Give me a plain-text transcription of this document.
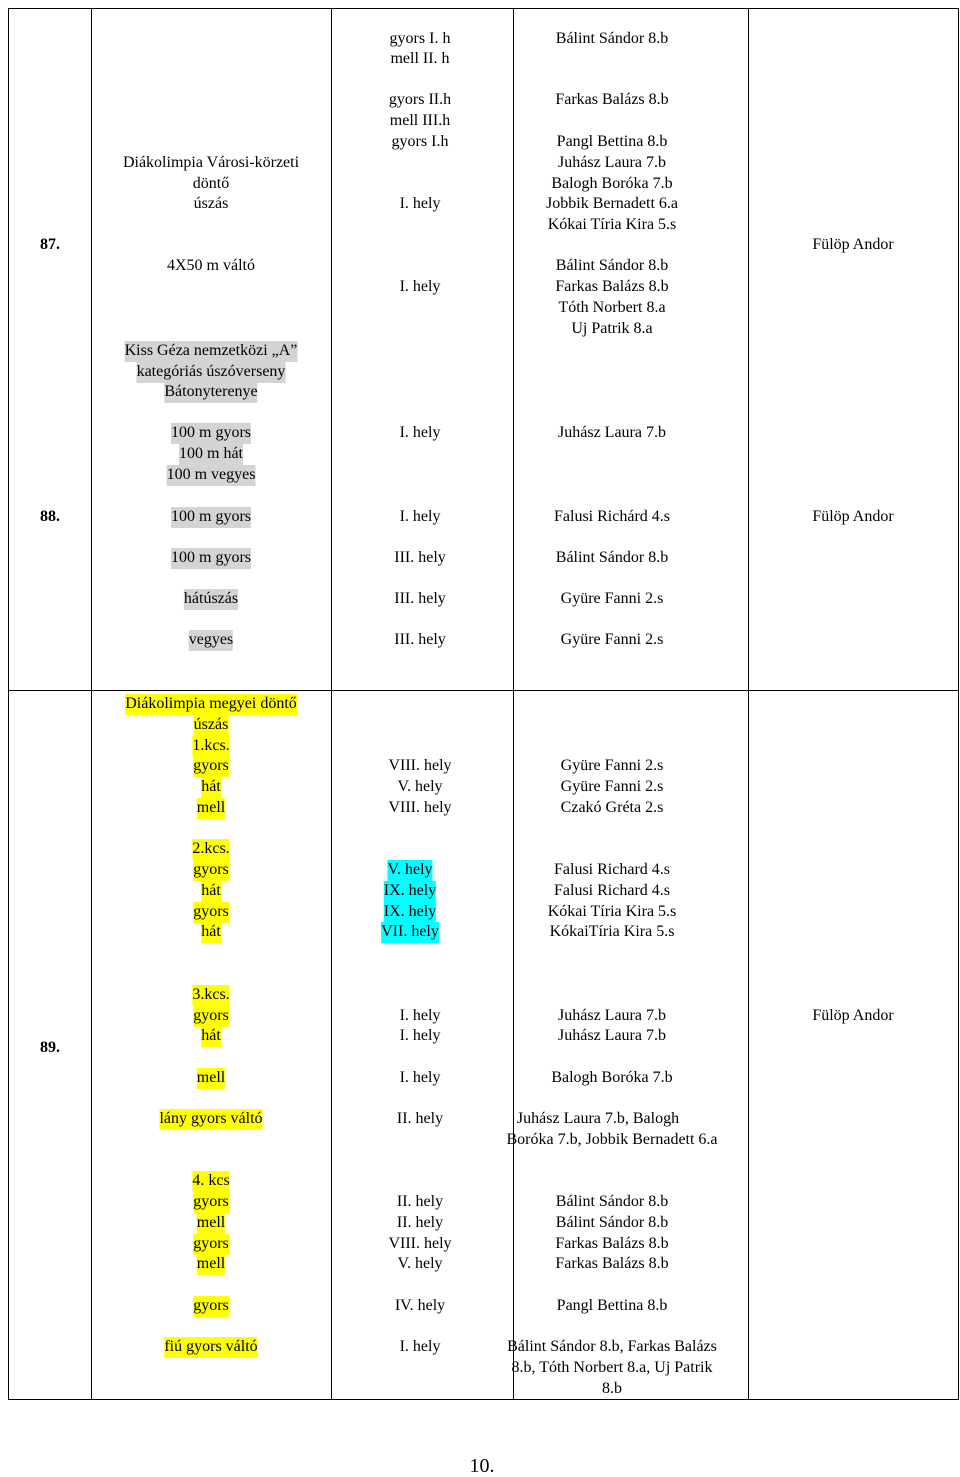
87.
88.
Diákolimpia Városi-körzeti
döntő
úszás
4X50 m váltó
Kiss Géza nemzetközi „A”
kategóriás úszóverseny
Bátonyterenye
100 m gyors
100 m hát
100 m vegyes
100 m gyors
100 m gyors
hátúszás
vegyes
gyors I. h
mell II. h
gyors II.h
mell III.h
gyors I.h
I. hely
I. hely
I. hely
I. hely
III. hely
III. hely
III. hely
Bálint Sándor 8.b
Farkas Balázs 8.b
Pangl Bettina 8.b
Juhász Laura 7.b
Balogh Boróka 7.b
Jobbik Bernadett 6.a
Kókai Tíria Kira 5.s
Bálint Sándor 8.b
Farkas Balázs 8.b
Tóth Norbert 8.a
Uj Patrik 8.a
Juhász Laura 7.b
Falusi Richárd 4.s
Bálint Sándor 8.b
Gyüre Fanni 2.s
Gyüre Fanni 2.s
Fülöp Andor
Fülöp Andor
89.
Fülöp Andor
Diákolimpia megyei döntő
úszás
1.kcs.
gyors
hát
mell
2.kcs.
gyors
hát
gyors
hát
3.kcs.
gyors
hát
mell
lány gyors váltó
4. kcs
gyors
mell
gyors
mell
gyors
fiú gyors váltó
VIII. hely
V. hely
VIII. hely
V. hely
IX. hely
IX. hely
VII. hely
I. hely
I. hely
I. hely
II. hely
II. hely
II. hely
VIII. hely
V. hely
IV. hely
I. hely
Gyüre Fanni 2.s
Gyüre Fanni 2.s
Czakó Gréta 2.s
Falusi Richard 4.s
Falusi Richard 4.s
Kókai Tíria Kira 5.s
KókaiTíria Kira 5.s
Juhász Laura 7.b
Juhász Laura 7.b
Balogh Boróka 7.b
Juhász Laura 7.b, Balogh
Boróka 7.b, Jobbik Bernadett 6.a
Bálint Sándor 8.b
Bálint Sándor 8.b
Farkas Balázs 8.b
Farkas Balázs 8.b
Pangl Bettina 8.b
Bálint Sándor 8.b, Farkas Balázs
8.b, Tóth Norbert 8.a, Uj Patrik
8.b
10.
